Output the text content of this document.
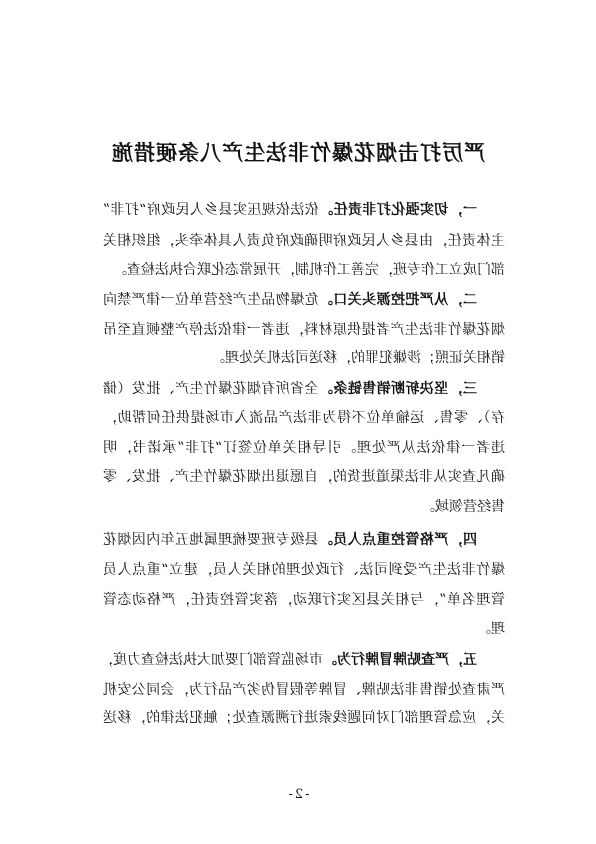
严厉打击烟花爆竹非法生产八条硬措施
一，切实强化打非责任。依法依规压实县乡人民政府“打非”
主体责任，由县乡人民政府明确政府负责人具体牵头，组织相关
部门成立工作专班，完善工作机制，开展常态化联合执法检查。
二，从严把控源头关口。危爆物品生产经营单位一律严禁向
烟花爆竹非法生产者提供原材料，违者一律依法停产整顿直至吊
销相关证照；涉嫌犯罪的，移送司法机关处理。
三，坚决斩断销售链条。全省所有烟花爆竹生产、批发（储
存）、零售、运输单位不得为非法产品流入市场提供任何帮助，
违者一律依法从严处理。引导相关单位签订“打非”承诺书，明
确凡查实从非法渠道进货的，自愿退出烟花爆竹生产、批发、零
售经营领域。
四，严格管控重点人员。县级专班要梳理属地五年内因烟花
爆竹非法生产受到司法、行政处理的相关人员，建立“重点人员
管理名单”，与相关县区实行联动，落实管控责任，严格动态管
理。
五，严查贴牌冒牌行为。市场监管部门要加大执法检查力度，
严肃查处销售非法贴牌、冒牌等假冒伪劣产品行为，会同公安机
关，应急管理部门对问题线索进行溯源查处；触犯法律的，移送
-2-
